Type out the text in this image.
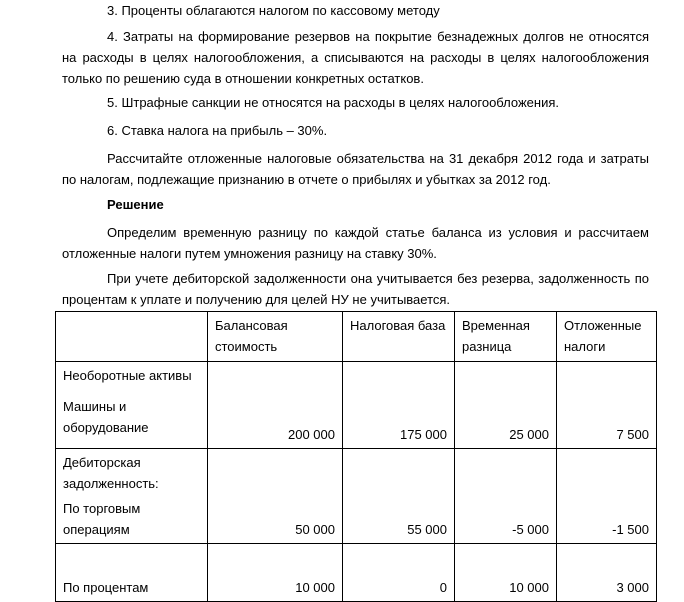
3. Проценты облагаются налогом по кассовому методу

4. Затраты на формирование резервов на покрытие безнадежных долгов не относятся на расходы в целях налогообложения, а списываются на расходы в целях налогообложения только по решению суда в отношении конкретных остатков.

5. Штрафные санкции не относятся на расходы в целях налогообложения.

6. Ставка налога на прибыль – 30%.

Рассчитайте отложенные налоговые обязательства на 31 декабря 2012 года и затраты по налогам, подлежащие признанию в отчете о прибылях и убытках за 2012 год.

Решение

Определим временную разницу по каждой статье баланса из условия и рассчитаем отложенные налоги путем умножения разницу на ставку 30%.

При учете дебиторской задолженности она учитывается без резерва, задолженность по процентам к уплате и получению для целей НУ не учитывается.

	Балансовая стоимость	Налоговая база	Временная разница	Отложенные налоги

Необоротные активы
Машины и оборудование	200 000	175 000	25 000	7 500

Дебиторская задолженность:
По торговым операциям	50 000	55 000	-5 000	-1 500
По процентам	10 000	0	10 000	3 000
